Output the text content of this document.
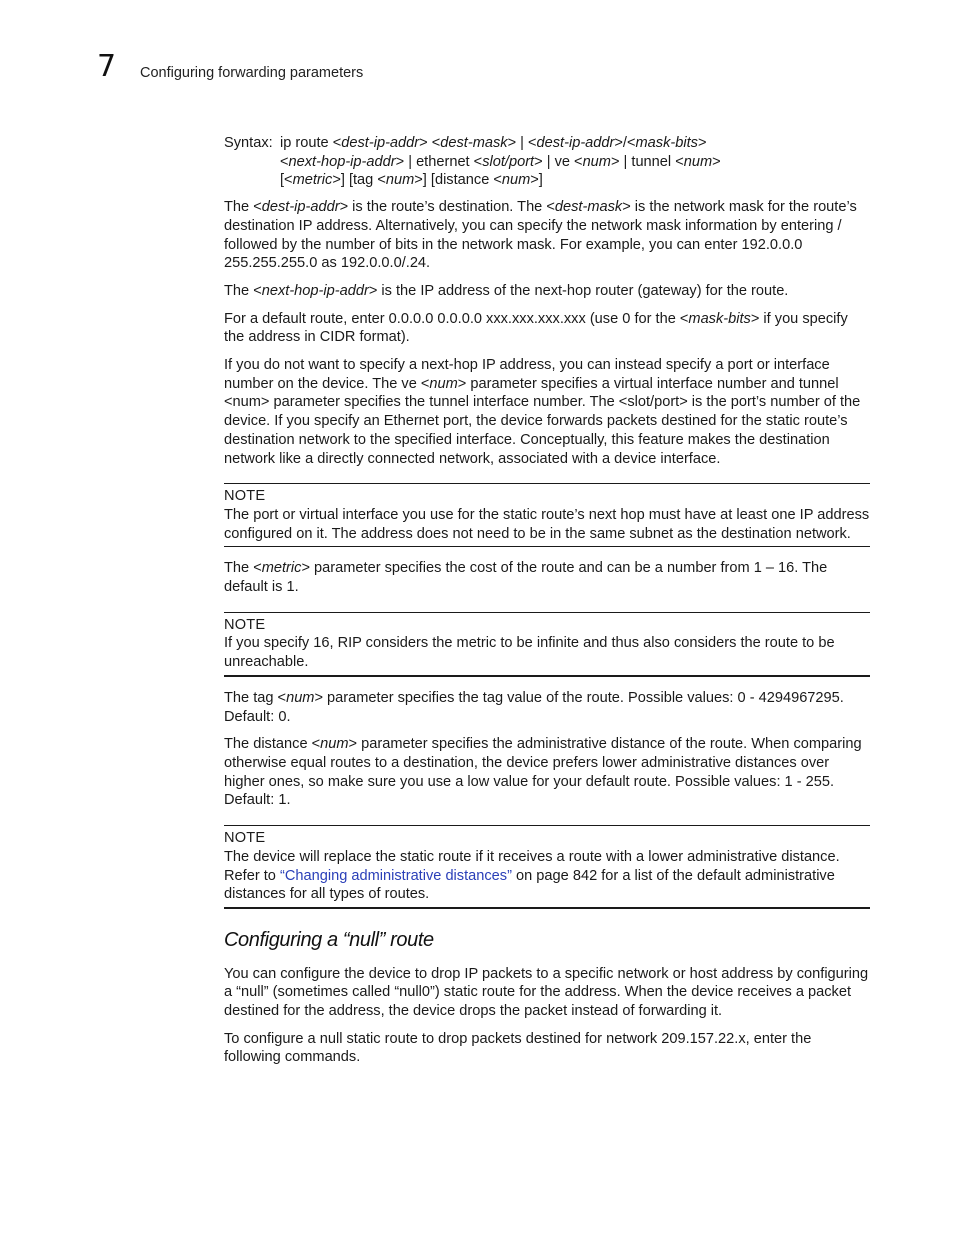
7 Configuring forwarding parameters
Syntax: ip route <dest-ip-addr> <dest-mask> | <dest-ip-addr>/<mask-bits>
<next-hop-ip-addr> | ethernet <slot/port> | ve <num> | tunnel <num>
[<metric>] [tag <num>] [distance <num>]

The <dest-ip-addr> is the route’s destination. The <dest-mask> is the network mask for the route’s destination IP address. Alternatively, you can specify the network mask information by entering / followed by the number of bits in the network mask. For example, you can enter 192.0.0.0 255.255.255.0 as 192.0.0.0/.24.

The <next-hop-ip-addr> is the IP address of the next-hop router (gateway) for the route.

For a default route, enter 0.0.0.0 0.0.0.0 xxx.xxx.xxx.xxx (use 0 for the <mask-bits> if you specify the address in CIDR format).

If you do not want to specify a next-hop IP address, you can instead specify a port or interface number on the device. The ve <num> parameter specifies a virtual interface number and tunnel <num> parameter specifies the tunnel interface number. The <slot/port> is the port’s number of the device. If you specify an Ethernet port, the device forwards packets destined for the static route’s destination network to the specified interface. Conceptually, this feature makes the destination network like a directly connected network, associated with a device interface.

NOTE
The port or virtual interface you use for the static route’s next hop must have at least one IP address configured on it. The address does not need to be in the same subnet as the destination network.

The <metric> parameter specifies the cost of the route and can be a number from 1 – 16. The default is 1.

NOTE
If you specify 16, RIP considers the metric to be infinite and thus also considers the route to be unreachable.

The tag <num> parameter specifies the tag value of the route. Possible values: 0 - 4294967295. Default: 0.

The distance <num> parameter specifies the administrative distance of the route. When comparing otherwise equal routes to a destination, the device prefers lower administrative distances over higher ones, so make sure you use a low value for your default route. Possible values: 1 - 255. Default: 1.

NOTE
The device will replace the static route if it receives a route with a lower administrative distance. Refer to “Changing administrative distances” on page 842 for a list of the default administrative distances for all types of routes.
Configuring a “null” route

You can configure the device to drop IP packets to a specific network or host address by configuring a “null” (sometimes called “null0”) static route for the address. When the device receives a packet destined for the address, the device drops the packet instead of forwarding it.

To configure a null static route to drop packets destined for network 209.157.22.x, enter the following commands.
